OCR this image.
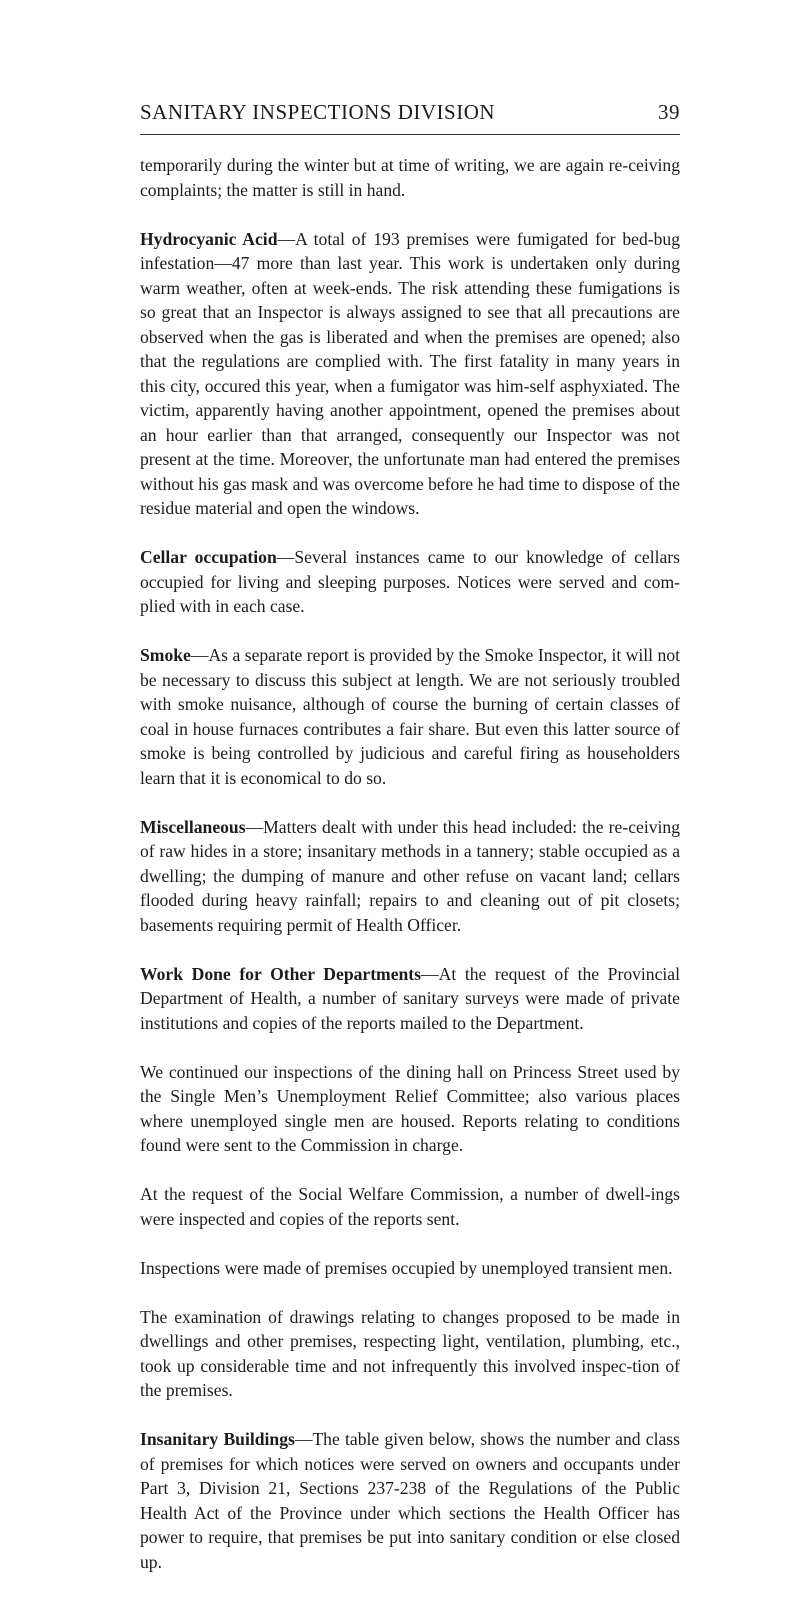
SANITARY INSPECTIONS DIVISION	39

temporarily during the winter but at time of writing, we are again re-ceiving complaints; the matter is still in hand.

Hydrocyanic Acid—A total of 193 premises were fumigated for bed-bug infestation—47 more than last year. This work is undertaken only during warm weather, often at week-ends. The risk attending these fumigations is so great that an Inspector is always assigned to see that all precautions are observed when the gas is liberated and when the premises are opened; also that the regulations are complied with. The first fatality in many years in this city, occured this year, when a fumigator was him-self asphyxiated. The victim, apparently having another appointment, opened the premises about an hour earlier than that arranged, consequently our Inspector was not present at the time. Moreover, the unfortunate man had entered the premises without his gas mask and was overcome before he had time to dispose of the residue material and open the windows.

Cellar occupation—Several instances came to our knowledge of cellars occupied for living and sleeping purposes. Notices were served and com-plied with in each case.

Smoke—As a separate report is provided by the Smoke Inspector, it will not be necessary to discuss this subject at length. We are not seriously troubled with smoke nuisance, although of course the burning of certain classes of coal in house furnaces contributes a fair share. But even this latter source of smoke is being controlled by judicious and careful firing as householders learn that it is economical to do so.

Miscellaneous—Matters dealt with under this head included: the re-ceiving of raw hides in a store; insanitary methods in a tannery; stable occupied as a dwelling; the dumping of manure and other refuse on vacant land; cellars flooded during heavy rainfall; repairs to and cleaning out of pit closets; basements requiring permit of Health Officer.

Work Done for Other Departments—At the request of the Provincial Department of Health, a number of sanitary surveys were made of private institutions and copies of the reports mailed to the Department.

We continued our inspections of the dining hall on Princess Street used by the Single Men’s Unemployment Relief Committee; also various places where unemployed single men are housed. Reports relating to conditions found were sent to the Commission in charge.

At the request of the Social Welfare Commission, a number of dwell-ings were inspected and copies of the reports sent.

Inspections were made of premises occupied by unemployed transient men.

The examination of drawings relating to changes proposed to be made in dwellings and other premises, respecting light, ventilation, plumbing, etc., took up considerable time and not infrequently this involved inspec-tion of the premises.

Insanitary Buildings—The table given below, shows the number and class of premises for which notices were served on owners and occupants under Part 3, Division 21, Sections 237-238 of the Regulations of the Public Health Act of the Province under which sections the Health Officer has power to require, that premises be put into sanitary condition or else closed up.
